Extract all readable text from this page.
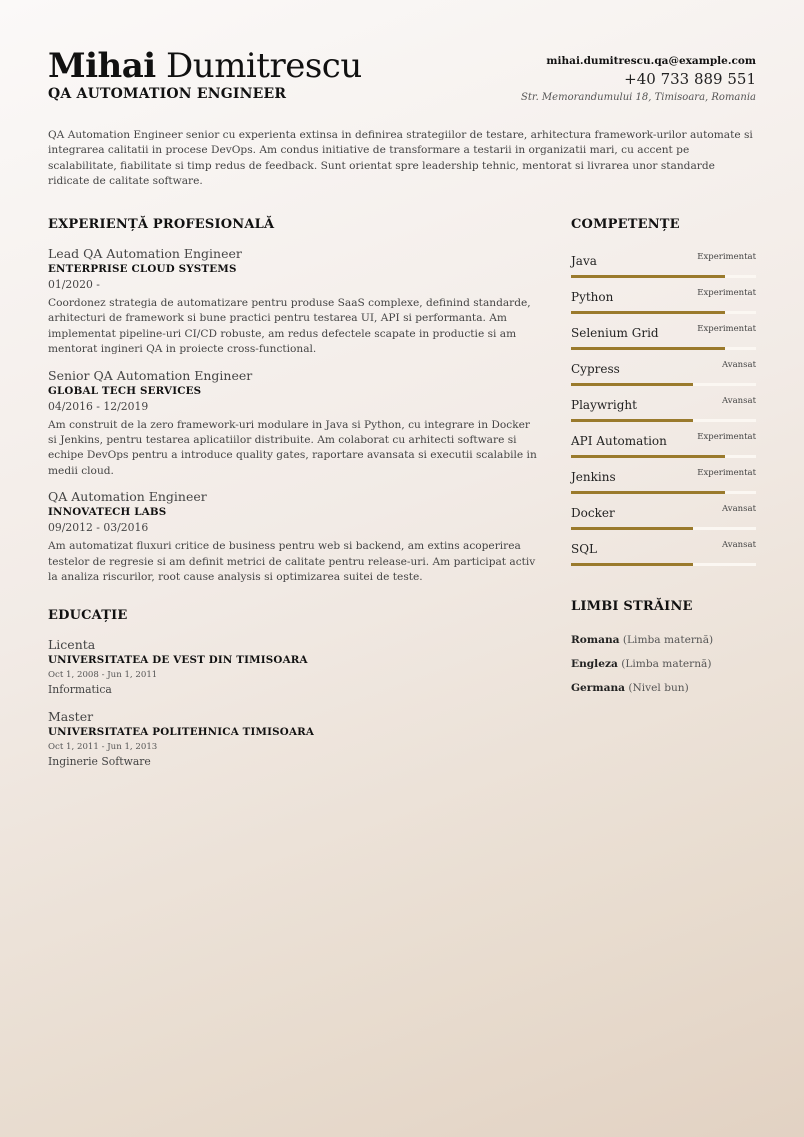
Mihai Dumitrescu
QA AUTOMATION ENGINEER
mihai.dumitrescu.qa@example.com
+40 733 889 551
Str. Memorandumului 18, Timisoara, Romania
QA Automation Engineer senior cu experienta extinsa in definirea strategiilor de testare, arhitectura framework-urilor automate si integrarea calitatii in procese DevOps. Am condus initiative de transformare a testarii in organizatii mari, cu accent pe scalabilitate, fiabilitate si timp redus de feedback. Sunt orientat spre leadership tehnic, mentorat si livrarea unor standarde ridicate de calitate software.
EXPERIENȚĂ PROFESIONALĂ
Lead QA Automation Engineer
ENTERPRISE CLOUD SYSTEMS
01/2020 -
Coordonez strategia de automatizare pentru produse SaaS complexe, definind standarde, arhitecturi de framework si bune practici pentru testarea UI, API si performanta. Am implementat pipeline-uri CI/CD robuste, am redus defectele scapate in productie si am mentorat ingineri QA in proiecte cross-functional.
Senior QA Automation Engineer
GLOBAL TECH SERVICES
04/2016 - 12/2019
Am construit de la zero framework-uri modulare in Java si Python, cu integrare in Docker si Jenkins, pentru testarea aplicatiilor distribuite. Am colaborat cu arhitecti software si echipe DevOps pentru a introduce quality gates, raportare avansata si executii scalabile in medii cloud.
QA Automation Engineer
INNOVATECH LABS
09/2012 - 03/2016
Am automatizat fluxuri critice de business pentru web si backend, am extins acoperirea testelor de regresie si am definit metrici de calitate pentru release-uri. Am participat activ la analiza riscurilor, root cause analysis si optimizarea suitei de teste.
EDUCAȚIE
Licenta
UNIVERSITATEA DE VEST DIN TIMISOARA
Oct 1, 2008 - Jun 1, 2011
Informatica
Master
UNIVERSITATEA POLITEHNICA TIMISOARA
Oct 1, 2011 - Jun 1, 2013
Inginerie Software
COMPETENȚE
Java	Experimentat
Python	Experimentat
Selenium Grid	Experimentat
Cypress	Avansat
Playwright	Avansat
API Automation	Experimentat
Jenkins	Experimentat
Docker	Avansat
SQL	Avansat
LIMBI STRĂINE
Romana (Limba maternă)
Engleza (Limba maternă)
Germana (Nivel bun)
